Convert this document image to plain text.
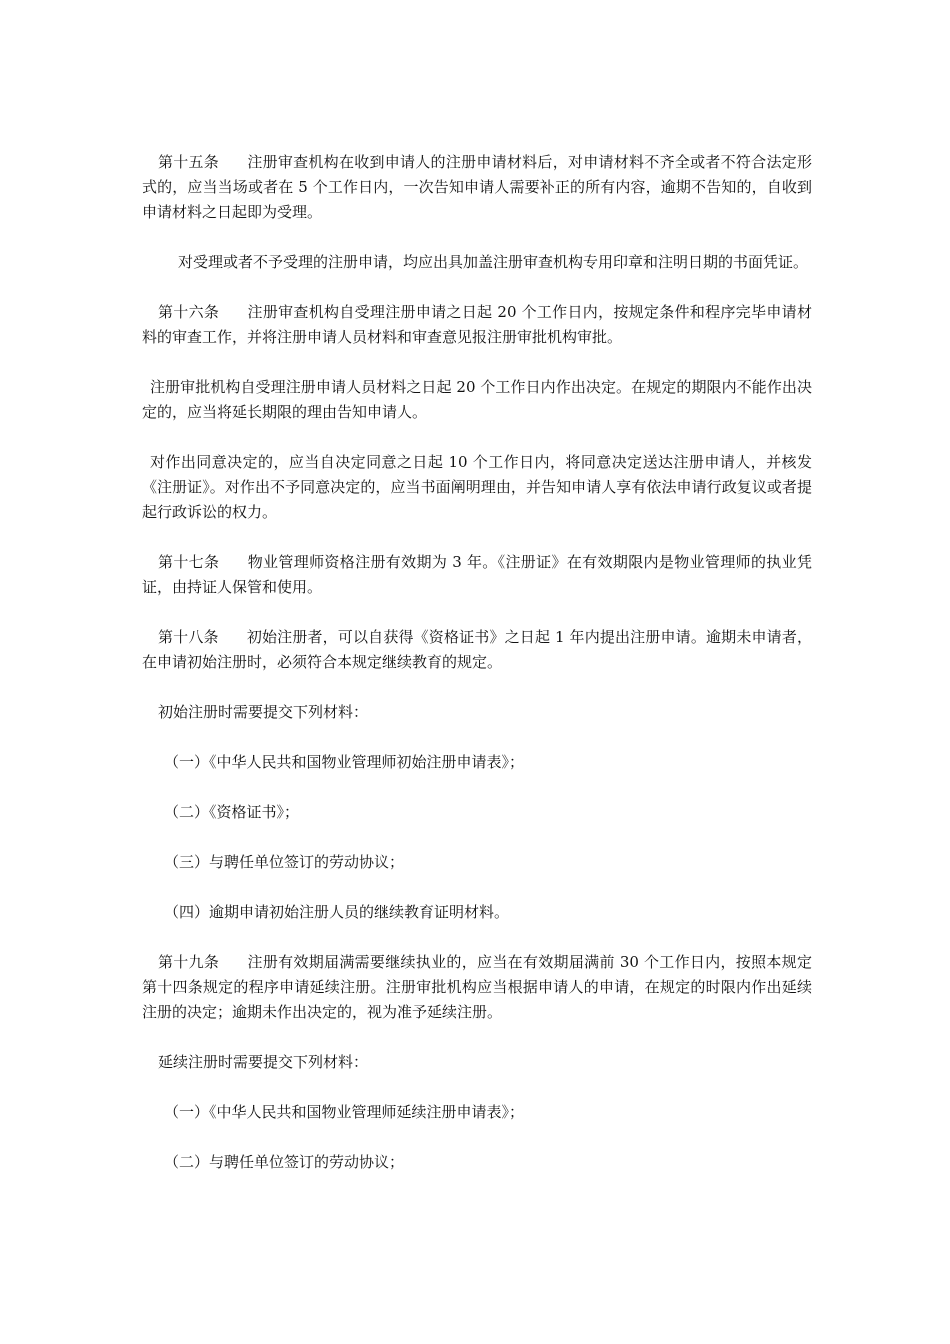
第十五条 注册审查机构在收到申请人的注册申请材料后，对申请材料不齐全或者不符合法定形式的，应当当场或者在 5 个工作日内，一次告知申请人需要补正的所有内容，逾期不告知的，自收到申请材料之日起即为受理。

对受理或者不予受理的注册申请，均应出具加盖注册审查机构专用印章和注明日期的书面凭证。

第十六条 注册审查机构自受理注册申请之日起 20 个工作日内，按规定条件和程序完毕申请材料的审查工作，并将注册申请人员材料和审查意见报注册审批机构审批。

注册审批机构自受理注册申请人员材料之日起 20 个工作日内作出决定。在规定的期限内不能作出决定的，应当将延长期限的理由告知申请人。

对作出同意决定的，应当自决定同意之日起 10 个工作日内，将同意决定送达注册申请人，并核发《注册证》。对作出不予同意决定的，应当书面阐明理由，并告知申请人享有依法申请行政复议或者提起行政诉讼的权力。

第十七条 物业管理师资格注册有效期为 3 年。《注册证》在有效期限内是物业管理师的执业凭证，由持证人保管和使用。

第十八条 初始注册者，可以自获得《资格证书》之日起 1 年内提出注册申请。逾期未申请者，在申请初始注册时，必须符合本规定继续教育的规定。

初始注册时需要提交下列材料：

（一）《中华人民共和国物业管理师初始注册申请表》；

（二）《资格证书》；

（三）与聘任单位签订的劳动协议；

（四）逾期申请初始注册人员的继续教育证明材料。

第十九条 注册有效期届满需要继续执业的，应当在有效期届满前 30 个工作日内，按照本规定第十四条规定的程序申请延续注册。注册审批机构应当根据申请人的申请，在规定的时限内作出延续注册的决定；逾期未作出决定的，视为准予延续注册。

延续注册时需要提交下列材料：

（一）《中华人民共和国物业管理师延续注册申请表》；

（二）与聘任单位签订的劳动协议；
